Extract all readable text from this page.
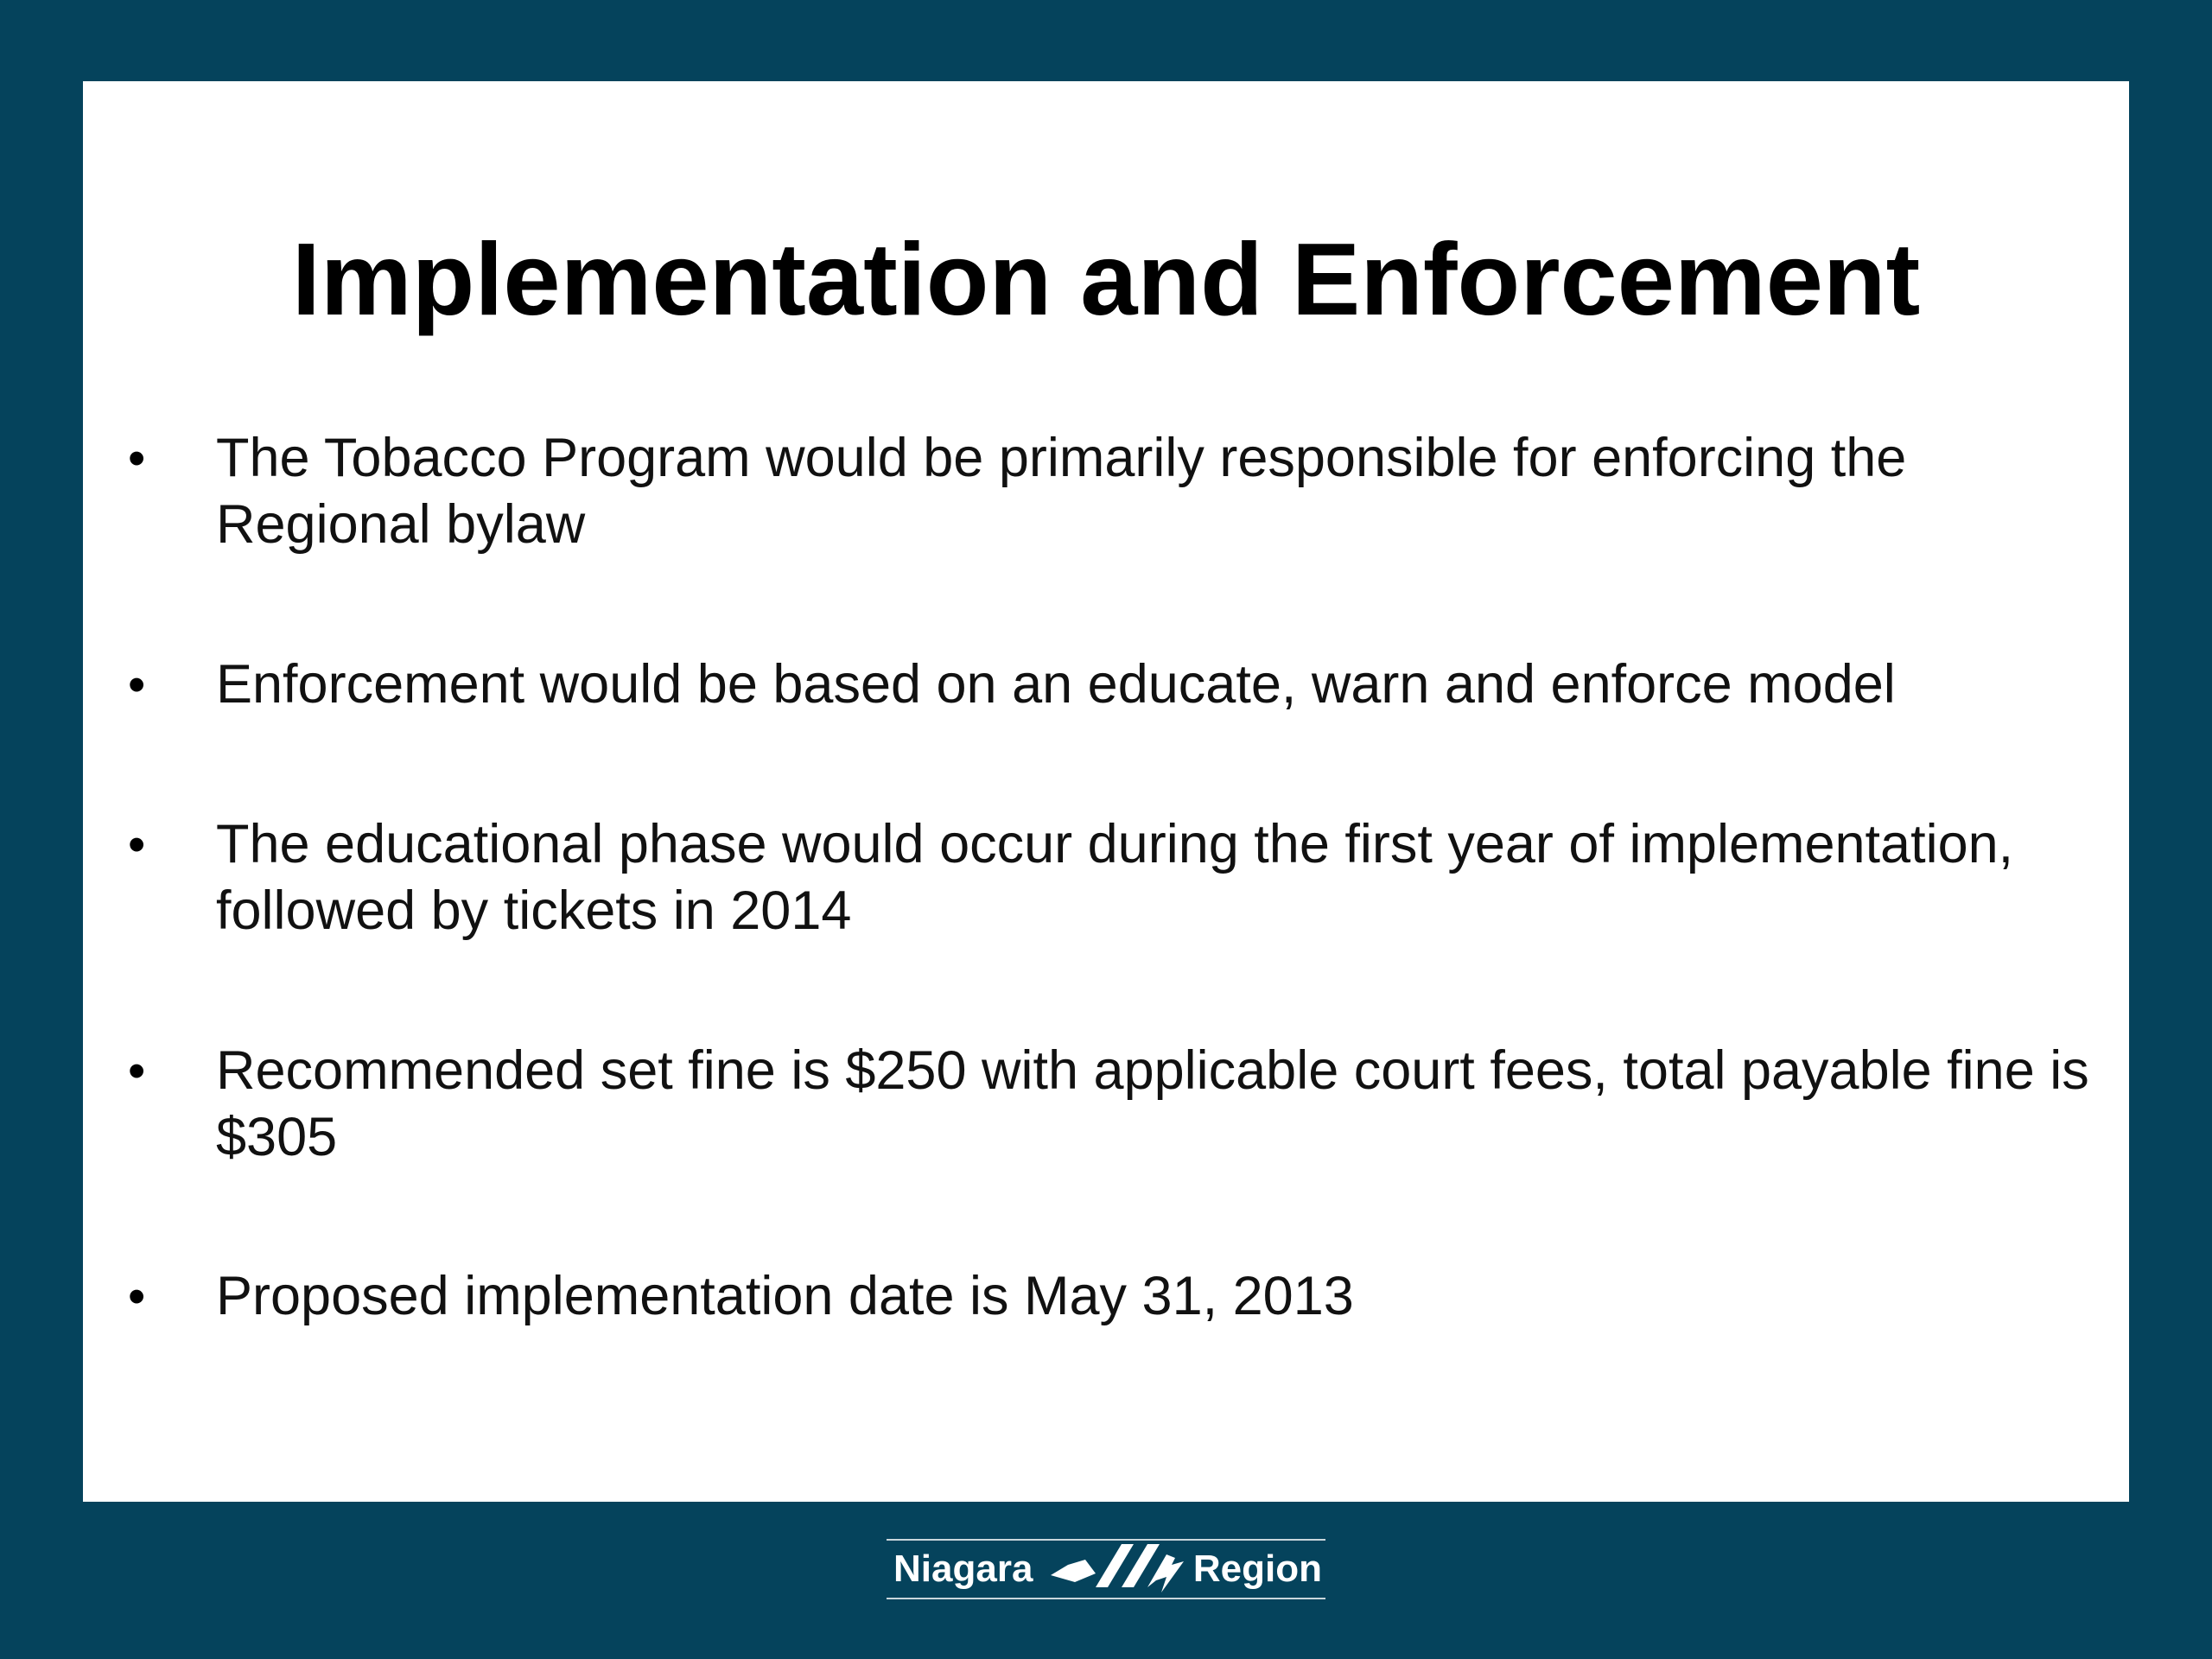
Implementation and Enforcement
• The Tobacco Program would be primarily responsible for enforcing the Regional bylaw
• Enforcement would be based on an educate, warn and enforce model
• The educational phase would occur during the first year of implementation, followed by tickets in 2014
• Recommended set fine is $250 with applicable court fees, total payable fine is $305
• Proposed implementation date is May 31, 2013
Niagara	Region
